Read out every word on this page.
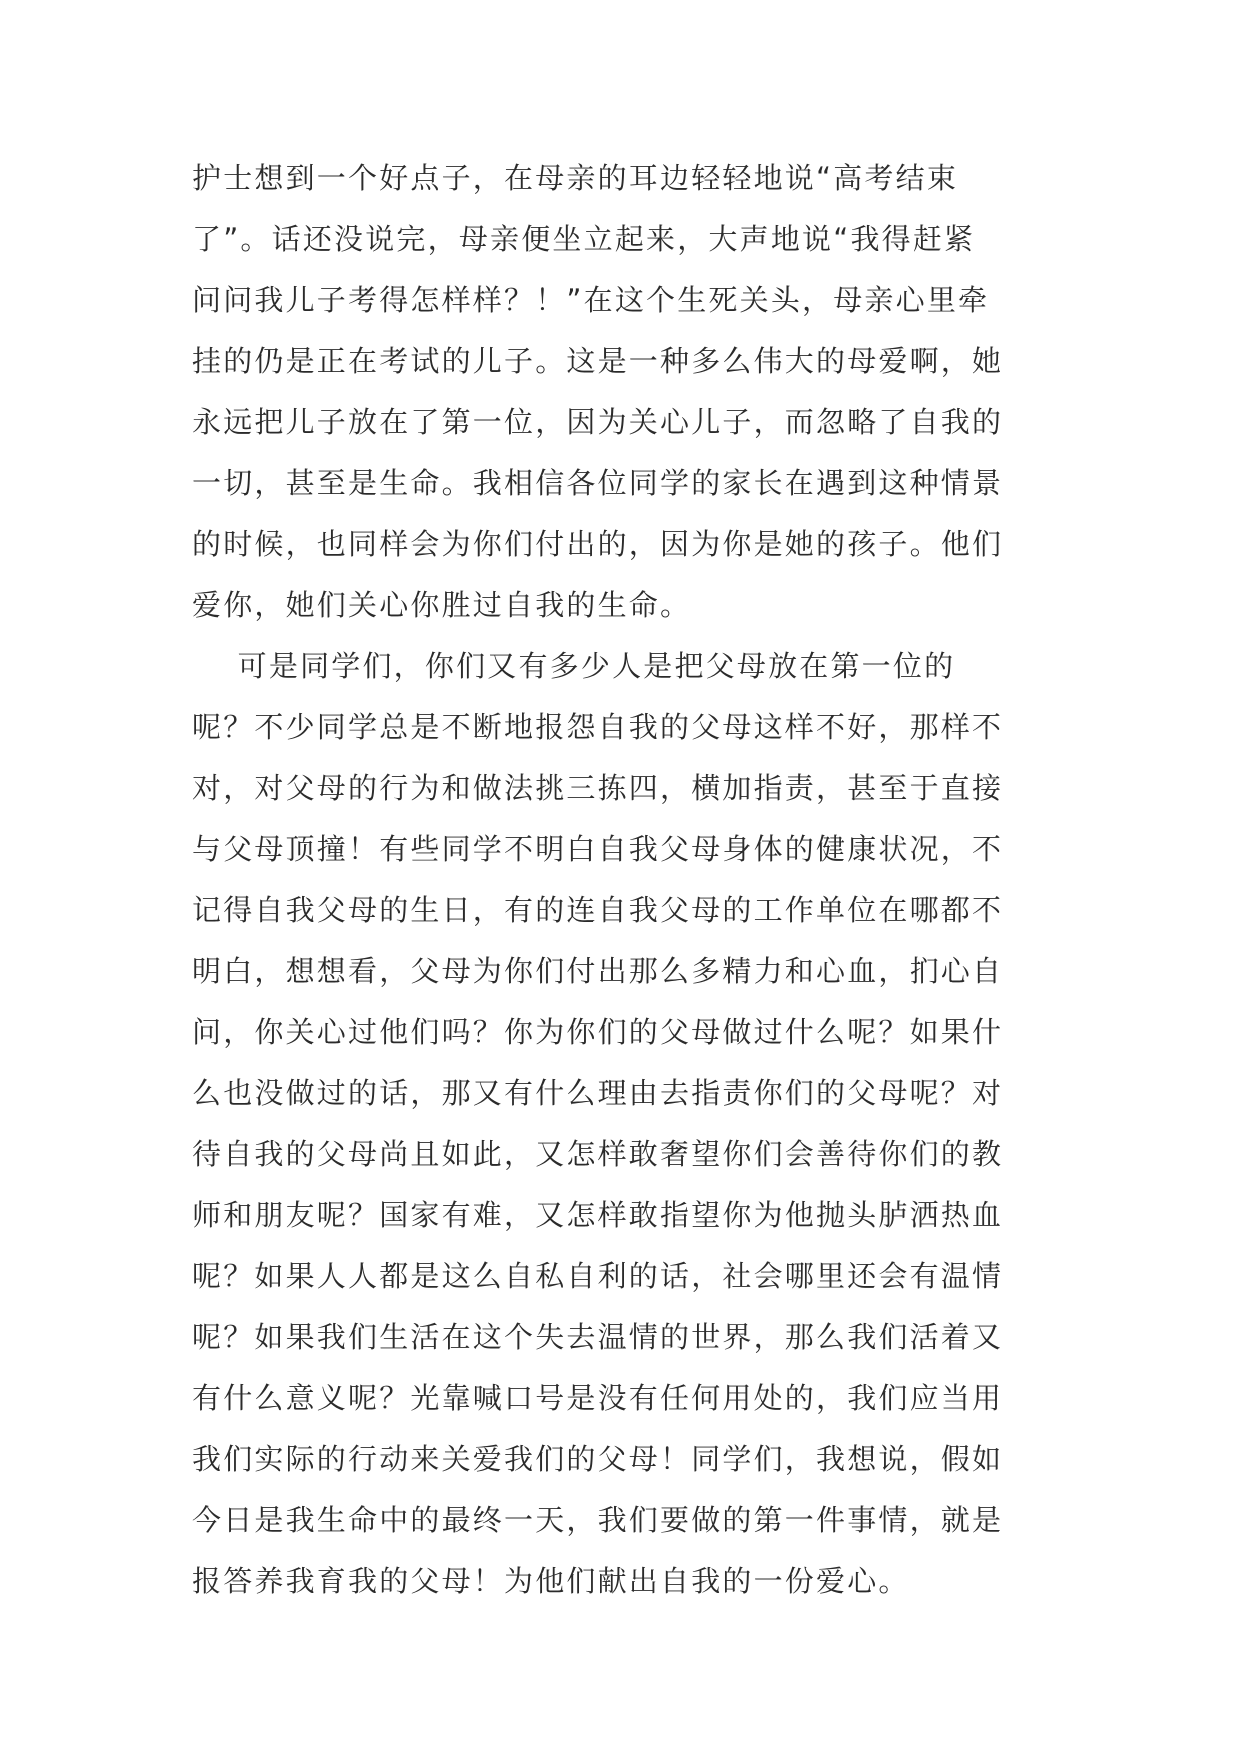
护士想到一个好点子，在母亲的耳边轻轻地说“高考结束
了”。话还没说完，母亲便坐立起来，大声地说“我得赶紧
问问我儿子考得怎样样？！”在这个生死关头，母亲心里牵
挂的仍是正在考试的儿子。这是一种多么伟大的母爱啊，她
永远把儿子放在了第一位，因为关心儿子，而忽略了自我的
一切，甚至是生命。我相信各位同学的家长在遇到这种情景
的时候，也同样会为你们付出的，因为你是她的孩子。他们
爱你，她们关心你胜过自我的生命。
可是同学们，你们又有多少人是把父母放在第一位的
呢？不少同学总是不断地报怨自我的父母这样不好，那样不
对，对父母的行为和做法挑三拣四，横加指责，甚至于直接
与父母顶撞！有些同学不明白自我父母身体的健康状况，不
记得自我父母的生日，有的连自我父母的工作单位在哪都不
明白，想想看，父母为你们付出那么多精力和心血，扪心自
问，你关心过他们吗？你为你们的父母做过什么呢？如果什
么也没做过的话，那又有什么理由去指责你们的父母呢？对
待自我的父母尚且如此，又怎样敢奢望你们会善待你们的教
师和朋友呢？国家有难，又怎样敢指望你为他抛头胪洒热血
呢？如果人人都是这么自私自利的话，社会哪里还会有温情
呢？如果我们生活在这个失去温情的世界，那么我们活着又
有什么意义呢？光靠喊口号是没有任何用处的，我们应当用
我们实际的行动来关爱我们的父母！同学们，我想说，假如
今日是我生命中的最终一天，我们要做的第一件事情，就是
报答养我育我的父母！为他们献出自我的一份爱心。
